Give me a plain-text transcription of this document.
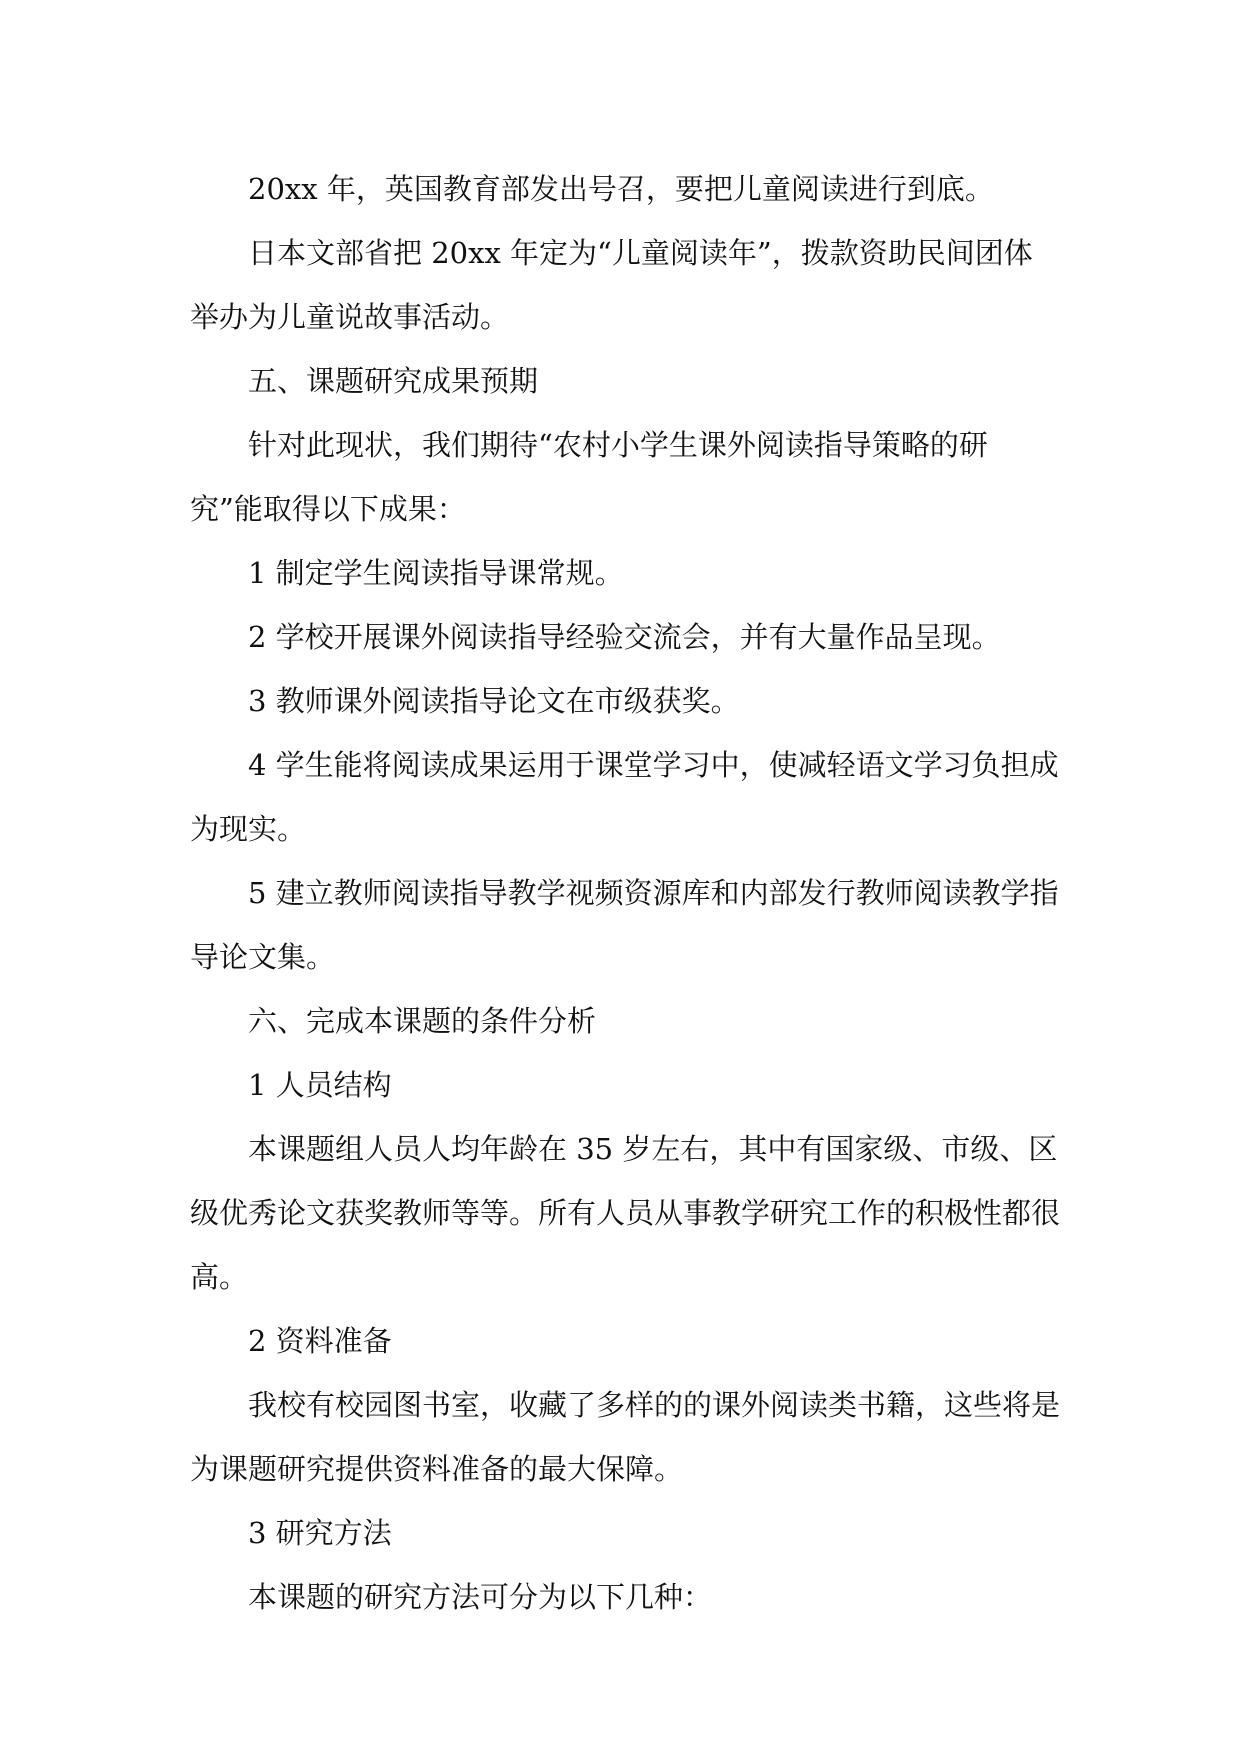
20xx 年，英国教育部发出号召，要把儿童阅读进行到底。

日本文部省把 20xx 年定为“儿童阅读年”，拨款资助民间团体举办为儿童说故事活动。

五、课题研究成果预期

针对此现状，我们期待“农村小学生课外阅读指导策略的研究”能取得以下成果：

1 制定学生阅读指导课常规。

2 学校开展课外阅读指导经验交流会，并有大量作品呈现。

3 教师课外阅读指导论文在市级获奖。

4 学生能将阅读成果运用于课堂学习中，使减轻语文学习负担成为现实。

5 建立教师阅读指导教学视频资源库和内部发行教师阅读教学指导论文集。

六、完成本课题的条件分析

1 人员结构

本课题组人员人均年龄在 35 岁左右，其中有国家级、市级、区级优秀论文获奖教师等等。所有人员从事教学研究工作的积极性都很高。

2 资料准备

我校有校园图书室，收藏了多样的的课外阅读类书籍，这些将是为课题研究提供资料准备的最大保障。

3 研究方法

本课题的研究方法可分为以下几种：
